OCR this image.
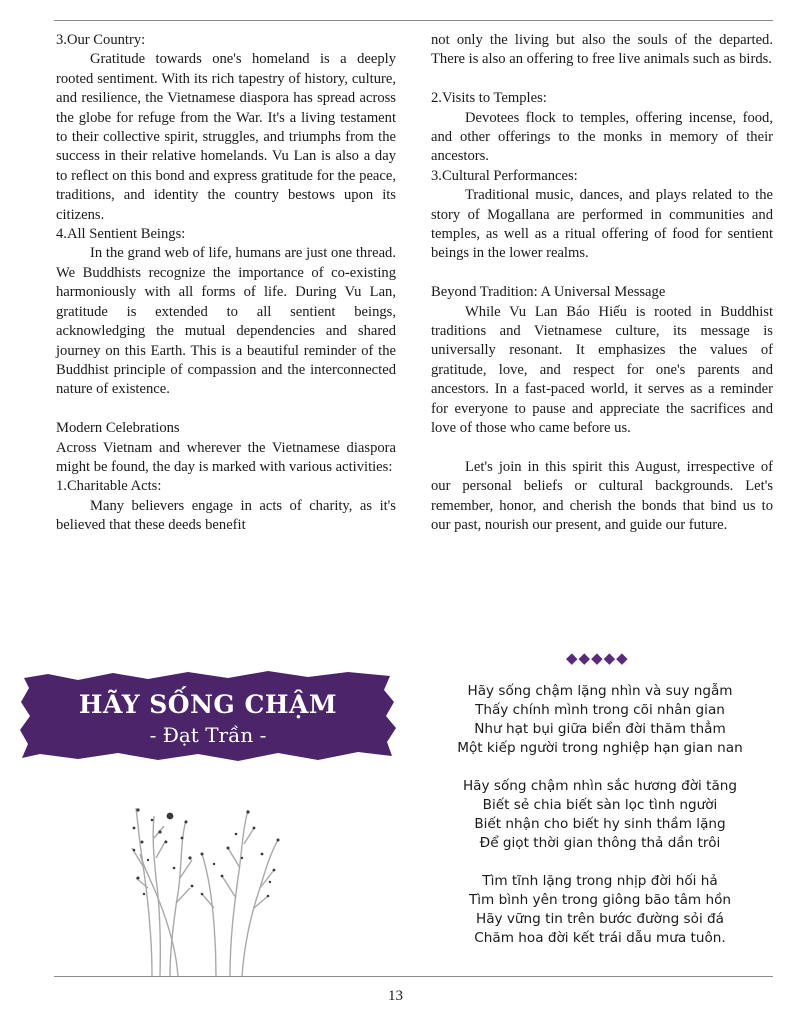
3.Our Country:

Gratitude towards one's homeland is a deeply rooted sentiment. With its rich tapestry of history, culture, and resilience, the Vietnamese diaspora has spread across the globe for refuge from the War. It's a living testament to their collective spirit, struggles, and triumphs from the success in their relative homelands. Vu Lan is also a day to reflect on this bond and express gratitude for the peace, traditions, and identity the country bestows upon its citizens.

4.All Sentient Beings:

In the grand web of life, humans are just one thread. We Buddhists recognize the importance of co-existing harmoniously with all forms of life. During Vu Lan, gratitude is extended to all sentient beings, acknowledging the mutual dependencies and shared journey on this Earth. This is a beautiful reminder of the Buddhist principle of compassion and the interconnected nature of existence.

Modern Celebrations

Across Vietnam and wherever the Vietnamese diaspora might be found, the day is marked with various activities:

1.Charitable Acts:

Many believers engage in acts of charity, as it's believed that these deeds benefit

not only the living but also the souls of the departed. There is also an offering to free live animals such as birds.

2.Visits to Temples:

Devotees flock to temples, offering incense, food, and other offerings to the monks in memory of their ancestors.

3.Cultural Performances:

Traditional music, dances, and plays related to the story of Mogallana are performed in communities and temples, as well as a ritual offering of food for sentient beings in the lower realms.

Beyond Tradition: A Universal Message

While Vu Lan Báo Hiếu is rooted in Buddhist traditions and Vietnamese culture, its message is universally resonant. It emphasizes the values of gratitude, love, and respect for one's parents and ancestors. In a fast-paced world, it serves as a reminder for everyone to pause and appreciate the sacrifices and love of those who came before us.

Let's join in this spirit this August, irrespective of our personal beliefs or cultural backgrounds. Let's remember, honor, and cherish the bonds that bind us to our past, nourish our present, and guide our future.

◆◆◆◆◆
HÃY SỐNG CHẬM
- Đạt Trần -
Hãy sống chậm lặng nhìn và suy ngẫm
Thấy chính mình trong cõi nhân gian
Như hạt bụi giữa biển đời thăm thẳm
Một kiếp người trong nghiệp hạn gian nan
Hãy sống chậm nhìn sắc hương đời tăng
Biết sẻ chia biết sàn lọc tình người
Biết nhận cho biết hy sinh thầm lặng
Để giọt thời gian thông thả dần trôi
Tìm tĩnh lặng trong nhịp đời hối hả
Tìm bình yên trong giông bão tâm hồn
Hãy vững tin trên bước đường sỏi đá
Chăm hoa đời kết trái dẫu mưa tuôn.
13
